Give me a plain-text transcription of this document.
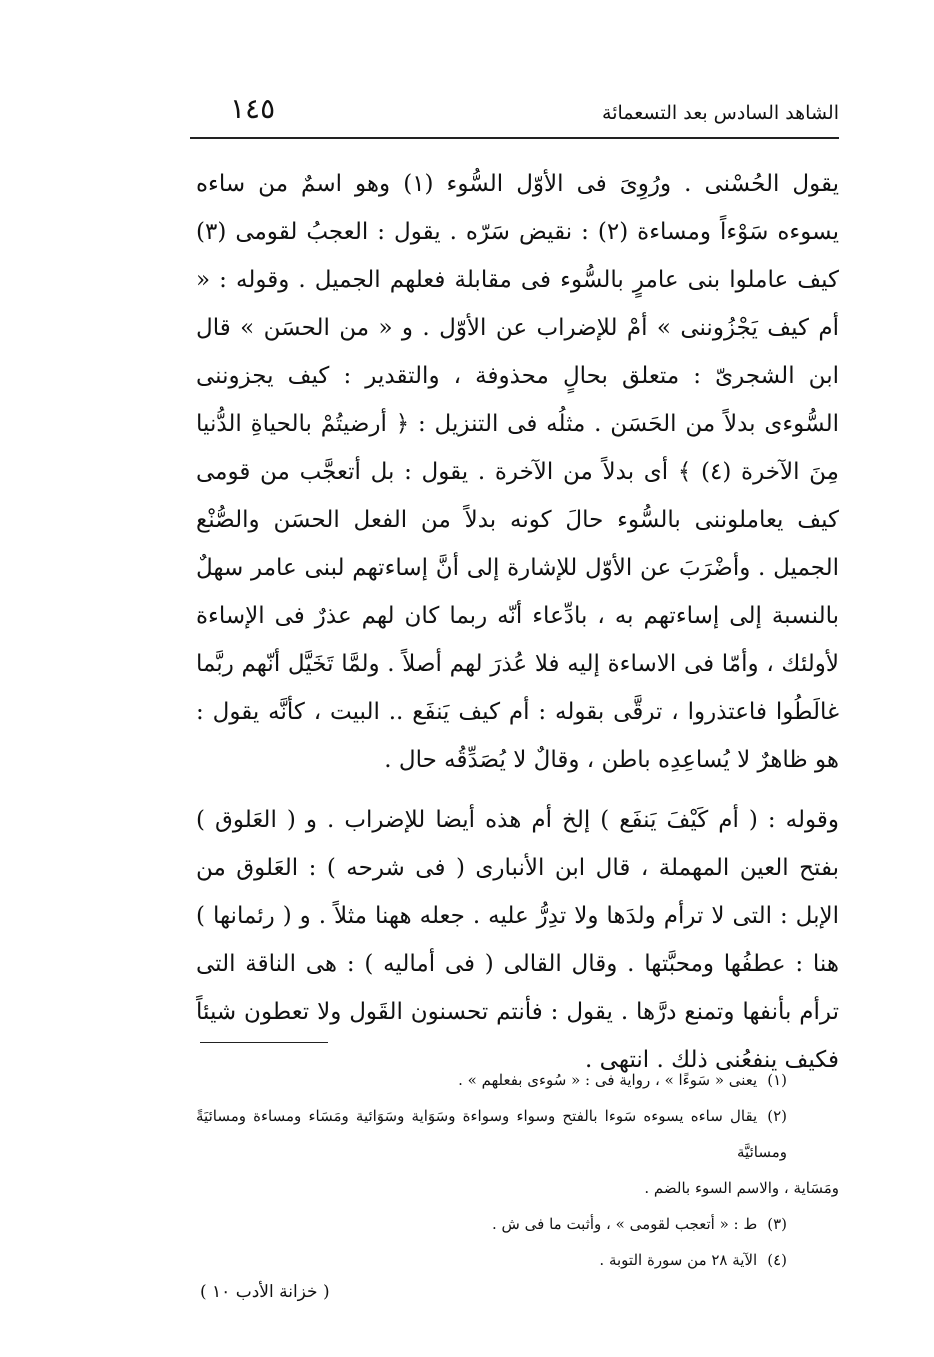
الشاهد السادس بعد التسعمائة
١٤٥

يقول الحُسْنى . ورُوِىَ فى الأوّل السُّوء (١) وهو اسمٌ من ساءه يسوءه سَوْءاً ومساءة (٢) : نقيض سَرّه . يقول : العجبُ لقومى (٣) كيف عاملوا بنى عامرٍ بالسُّوء فى مقابلة فعلهم الجميل . وقوله : « أم كيف يَجْزُوننى » أمْ للإضراب عن الأوّل . و « من الحسَن » قال ابن الشجرىّ : متعلق بحالٍ محذوفة ، والتقدير : كيف يجزوننى السُّوءى بدلاً من الحَسَن . مثلُه فى التنزيل : ﴿ أرضيتُمْ بالحياةِ الدُّنيا مِنَ الآخرة (٤) ﴾ أى بدلاً من الآخرة . يقول : بل أتعجَّب من قومى كيف يعاملوننى بالسُّوء حالَ كونه بدلاً من الفعل الحسَن والصُّنْع الجميل . وأضْرَبَ عن الأوّل للإشارة إلى أنَّ إساءتهم لبنى عامر سهلٌ بالنسبة إلى إساءتهم به ، بادِّعاء أنّه ربما كان لهم عذرٌ فى الإساءة لأولئك ، وأمّا فى الاساءة إليه فلا عُذرَ لهم أصلاً . ولمَّا تَخَيَّل أنّهم ربَّما غالَطُوا فاعتذروا ، ترقَّى بقوله : أم كيف يَنفَع .. البيت ، كأنَّه يقول : هو ظاهرٌ لا يُساعِدِه باطن ، وقالٌ لا يُصَدِّقُه حال .

وقوله : ( أم كَيْفَ يَنفَع ) إلخ أم هذه أيضا للإضراب . و ( العَلوق ) بفتح العين المهملة ، قال ابن الأنبارى ( فى شرحه ) : العَلوق من الإبل : التى لا ترأم ولدَها ولا تدِرُّ عليه . جعله ههنا مثلاً . و ( رئمانها ) هنا : عطفُها ومحبَّتها . وقال القالى ( فى أماليه ) : هى الناقة التى ترأم بأنفها وتمنع درَّها . يقول : فأنتم تحسنون القَول ولا تعطون شيئاً فكيف ينفعُنى ذلك . انتهى .

(١)يعنى « سَوءًا » ، رواية فى : « سُوءى بفعلهم » .

(٢)يقال ساءه يسوءه سَوءا بالفتح وسواء وسواءة وسَوَاية وسَوَائية ومَسَاء ومساءة ومسائيَةً ومسائيَّة

ومَسَاية ، والاسم السوء بالضم .

(٣)ط : « أتعجب لقومى » ، وأثبت ما فى ش .

(٤)الآية ٢٨ من سورة التوبة .

( خزانة الأدب ١٠ )
